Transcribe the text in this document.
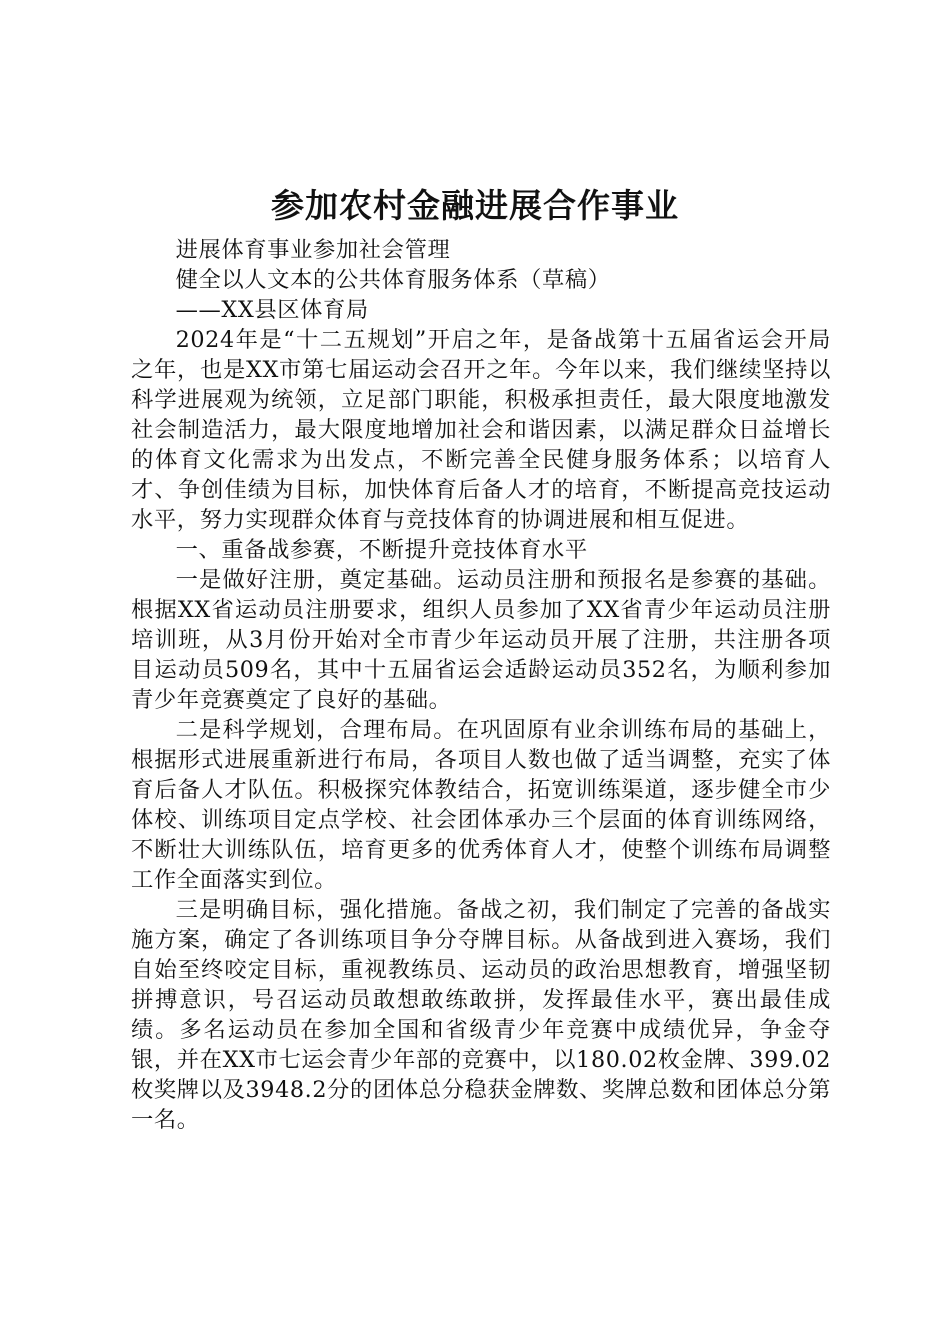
参加农村金融进展合作事业

进展体育事业参加社会管理

健全以人文本的公共体育服务体系（草稿）

——XX县区体育局

2024年是“十二五规划”开启之年，是备战第十五届省运会开局之年，也是XX市第七届运动会召开之年。今年以来，我们继续坚持以科学进展观为统领，立足部门职能，积极承担责任，最大限度地激发社会制造活力，最大限度地增加社会和谐因素，以满足群众日益增长的体育文化需求为出发点，不断完善全民健身服务体系；以培育人才、争创佳绩为目标，加快体育后备人才的培育，不断提高竞技运动水平，努力实现群众体育与竞技体育的协调进展和相互促进。

一、重备战参赛，不断提升竞技体育水平

一是做好注册，奠定基础。运动员注册和预报名是参赛的基础。根据XX省运动员注册要求，组织人员参加了XX省青少年运动员注册培训班，从3月份开始对全市青少年运动员开展了注册，共注册各项目运动员509名，其中十五届省运会适龄运动员352名，为顺利参加青少年竞赛奠定了良好的基础。

二是科学规划，合理布局。在巩固原有业余训练布局的基础上，根据形式进展重新进行布局，各项目人数也做了适当调整，充实了体育后备人才队伍。积极探究体教结合，拓宽训练渠道，逐步健全市少体校、训练项目定点学校、社会团体承办三个层面的体育训练网络，不断壮大训练队伍，培育更多的优秀体育人才，使整个训练布局调整工作全面落实到位。

三是明确目标，强化措施。备战之初，我们制定了完善的备战实施方案，确定了各训练项目争分夺牌目标。从备战到进入赛场，我们自始至终咬定目标，重视教练员、运动员的政治思想教育，增强坚韧拼搏意识，号召运动员敢想敢练敢拼，发挥最佳水平，赛出最佳成绩。多名运动员在参加全国和省级青少年竞赛中成绩优异，争金夺银，并在XX市七运会青少年部的竞赛中，以180.02枚金牌、399.02枚奖牌以及3948.2分的团体总分稳获金牌数、奖牌总数和团体总分第一名。
